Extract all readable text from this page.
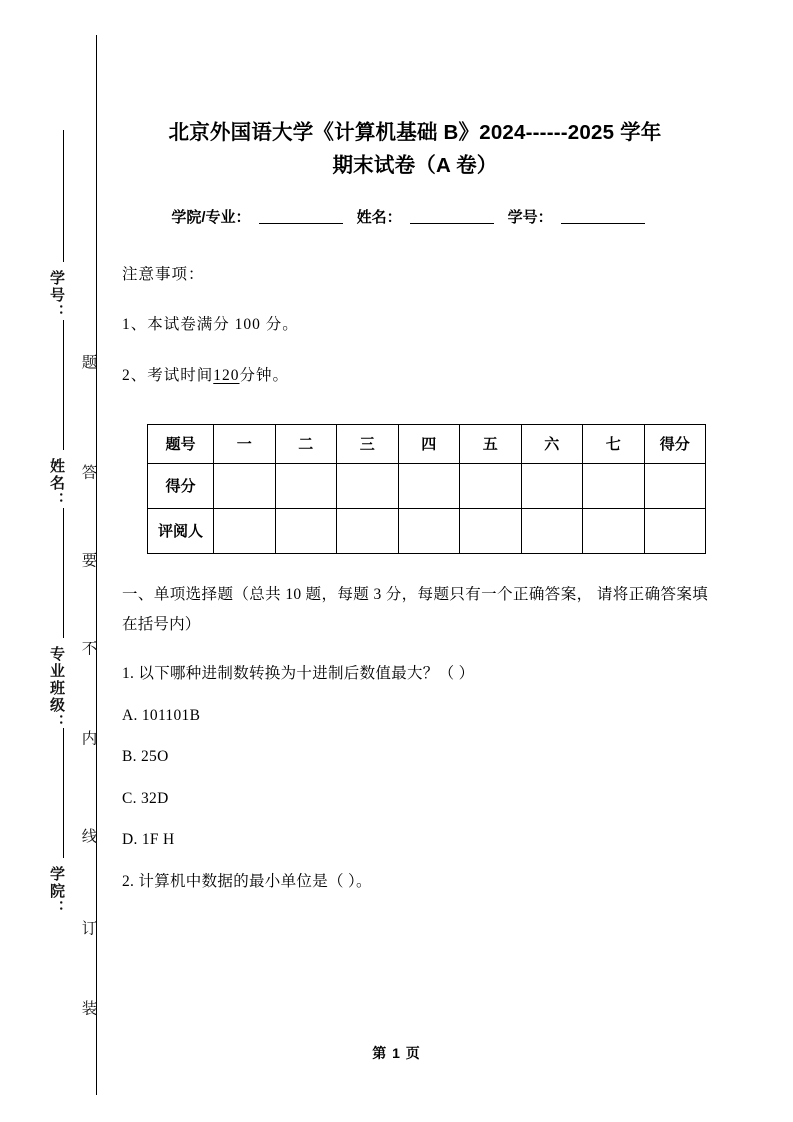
学号：
姓名：
专业班级：
学院：
题
答
要
不
内
线
订
装
北京外国语大学《计算机基础 B》2024------2025 学年
期末试卷（A 卷）
学院/专业：	姓名：	学号：
注意事项：
1、本试卷满分 100 分。
2、考试时间120分钟。
题号	一	二	三	四	五	六	七	得分
得分								
评阅人								
一、单项选择题（总共 10 题，每题 3 分，每题只有一个正确答案， 请将正确答案填在括号内）
1. 以下哪种进制数转换为十进制后数值最大？（ ）
A. 101101B
B. 25O
C. 32D
D. 1F H
2. 计算机中数据的最小单位是（ ）。
第 1 页
